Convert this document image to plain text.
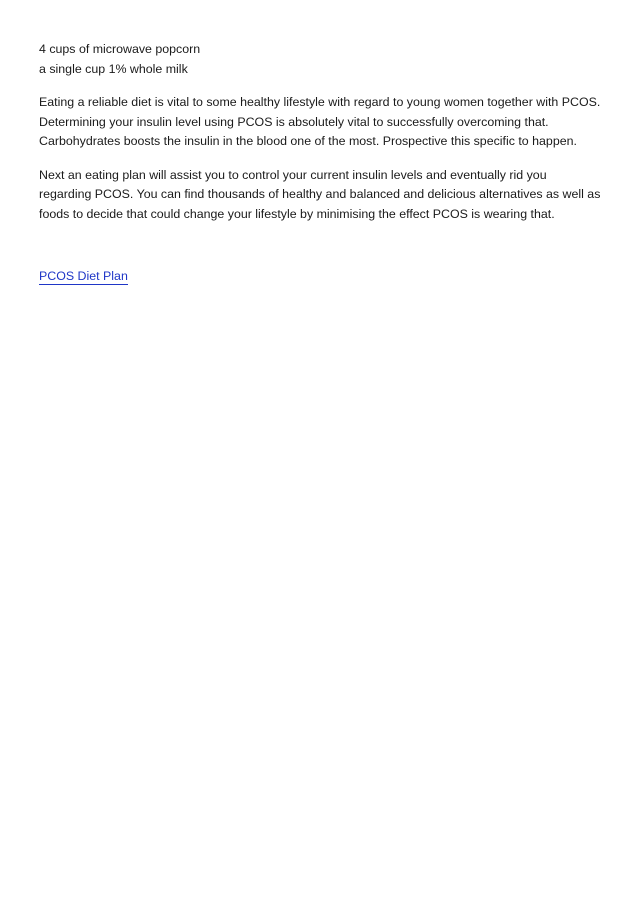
4 cups of microwave popcorn
a single cup 1% whole milk

Eating a reliable diet is vital to some healthy lifestyle with regard to young women together with PCOS. Determining your insulin level using PCOS is absolutely vital to successfully overcoming that. Carbohydrates boosts the insulin in the blood one of the most. Prospective this specific to happen.

Next an eating plan will assist you to control your current insulin levels and eventually rid you regarding PCOS. You can find thousands of healthy and balanced and delicious alternatives as well as foods to decide that could change your lifestyle by minimising the effect PCOS is wearing that.

PCOS Diet Plan
